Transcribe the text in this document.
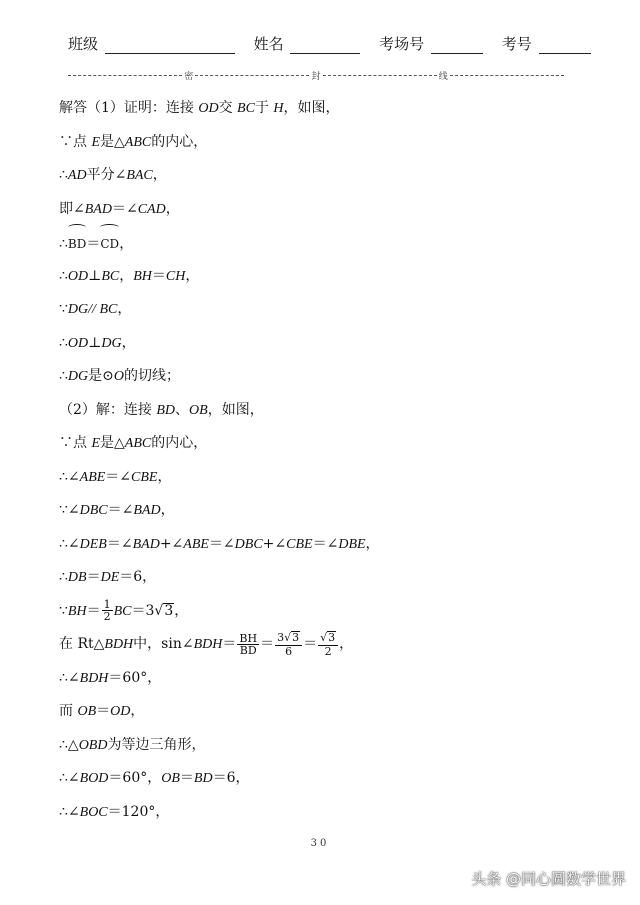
班级	姓名	考场号	考号
密	封	线
解答（1）证明：连接 OD交 BC于 H，如图，
∵点 E是△ABC的内心，
∴AD平分∠BAC，
即∠BAD＝∠CAD，
∴BD＝CD，
∴OD⊥BC，BH＝CH，
∵DG// BC，
∴OD⊥DG，
∴DG是⊙O的切线；
（2）解：连接 BD、OB，如图，
∵点 E是△ABC的内心，
∴∠ABE＝∠CBE，
∵∠DBC＝∠BAD，
∴∠DEB＝∠BAD+∠ABE＝∠DBC+∠CBE＝∠DBE，
∴DB＝DE＝6，
∵BH＝ $\frac{1}{2} BC=3√3$，
在 Rt△BDH中，sin∠BDH＝ $\frac{BH}{BD} = \frac{3√3}{6} = \frac{√3}{2}$ ，
∴∠BDH＝60°，
而 OB＝OD，
∴△OBD为等边三角形，
∴∠BOD＝60°，OB＝BD＝6，
∴∠BOC＝120°，
30
头条 @同心圆数学世界
